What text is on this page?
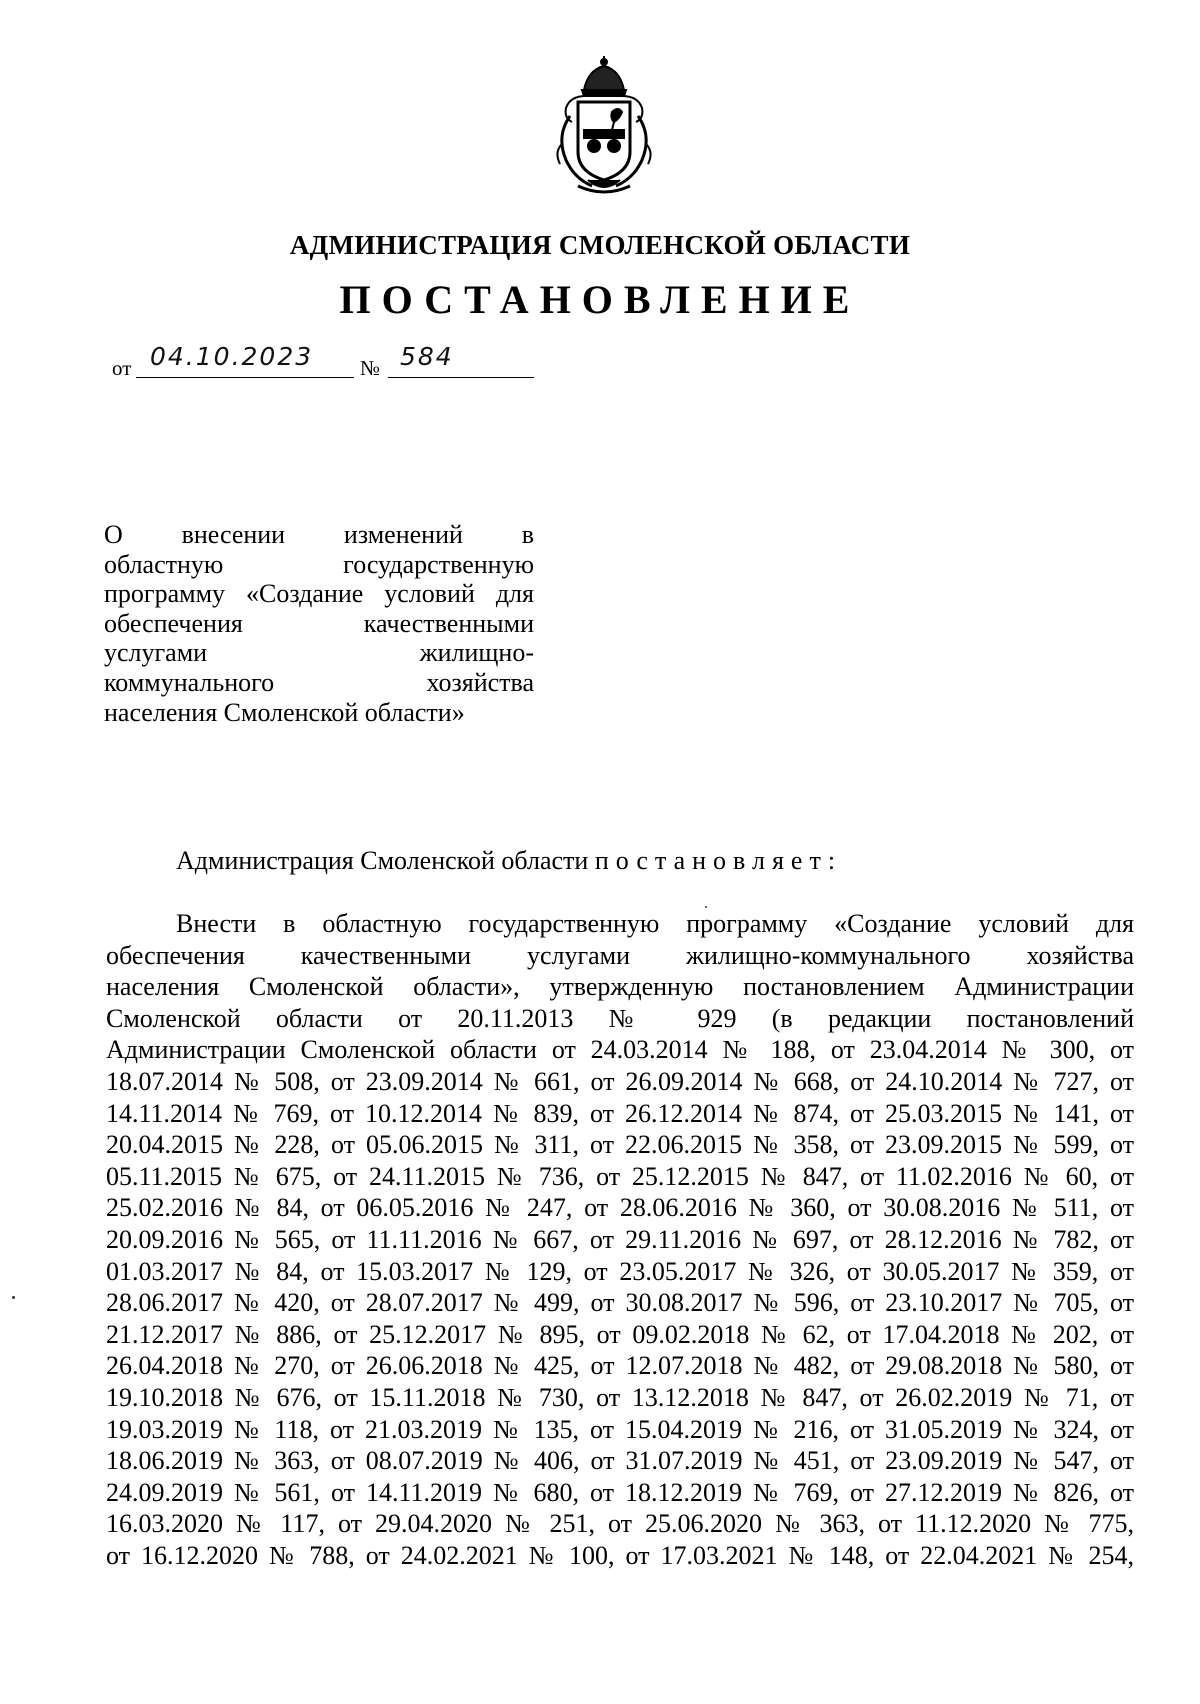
АДМИНИСТРАЦИЯ СМОЛЕНСКОЙ ОБЛАСТИ
ПОСТАНОВЛЕНИЕ
от 04.10.2023 № 584
О внесении изменений в
областную государственную
программу «Создание условий для
обеспечения качественными
услугами жилищно-
коммунального хозяйства
населения Смоленской области»
Администрация Смоленской области постановляет:
Внести в областную государственную программу «Создание условий для
обеспечения качественными услугами жилищно-коммунального хозяйства
населения Смоленской области», утвержденную постановлением Администрации
Смоленской области от 20.11.2013 № 929 (в редакции постановлений
Администрации Смоленской области от 24.03.2014 № 188, от 23.04.2014 № 300, от
18.07.2014 № 508, от 23.09.2014 № 661, от 26.09.2014 № 668, от 24.10.2014 № 727, от
14.11.2014 № 769, от 10.12.2014 № 839, от 26.12.2014 № 874, от 25.03.2015 № 141, от
20.04.2015 № 228, от 05.06.2015 № 311, от 22.06.2015 № 358, от 23.09.2015 № 599, от
05.11.2015 № 675, от 24.11.2015 № 736, от 25.12.2015 № 847, от 11.02.2016 № 60, от
25.02.2016 № 84, от 06.05.2016 № 247, от 28.06.2016 № 360, от 30.08.2016 № 511, от
20.09.2016 № 565, от 11.11.2016 № 667, от 29.11.2016 № 697, от 28.12.2016 № 782, от
01.03.2017 № 84, от 15.03.2017 № 129, от 23.05.2017 № 326, от 30.05.2017 № 359, от
28.06.2017 № 420, от 28.07.2017 № 499, от 30.08.2017 № 596, от 23.10.2017 № 705, от
21.12.2017 № 886, от 25.12.2017 № 895, от 09.02.2018 № 62, от 17.04.2018 № 202, от
26.04.2018 № 270, от 26.06.2018 № 425, от 12.07.2018 № 482, от 29.08.2018 № 580, от
19.10.2018 № 676, от 15.11.2018 № 730, от 13.12.2018 № 847, от 26.02.2019 № 71, от
19.03.2019 № 118, от 21.03.2019 № 135, от 15.04.2019 № 216, от 31.05.2019 № 324, от
18.06.2019 № 363, от 08.07.2019 № 406, от 31.07.2019 № 451, от 23.09.2019 № 547, от
24.09.2019 № 561, от 14.11.2019 № 680, от 18.12.2019 № 769, от 27.12.2019 № 826, от
16.03.2020 № 117, от 29.04.2020 № 251, от 25.06.2020 № 363, от 11.12.2020 № 775,
от 16.12.2020 № 788, от 24.02.2021 № 100, от 17.03.2021 № 148, от 22.04.2021 № 254,
